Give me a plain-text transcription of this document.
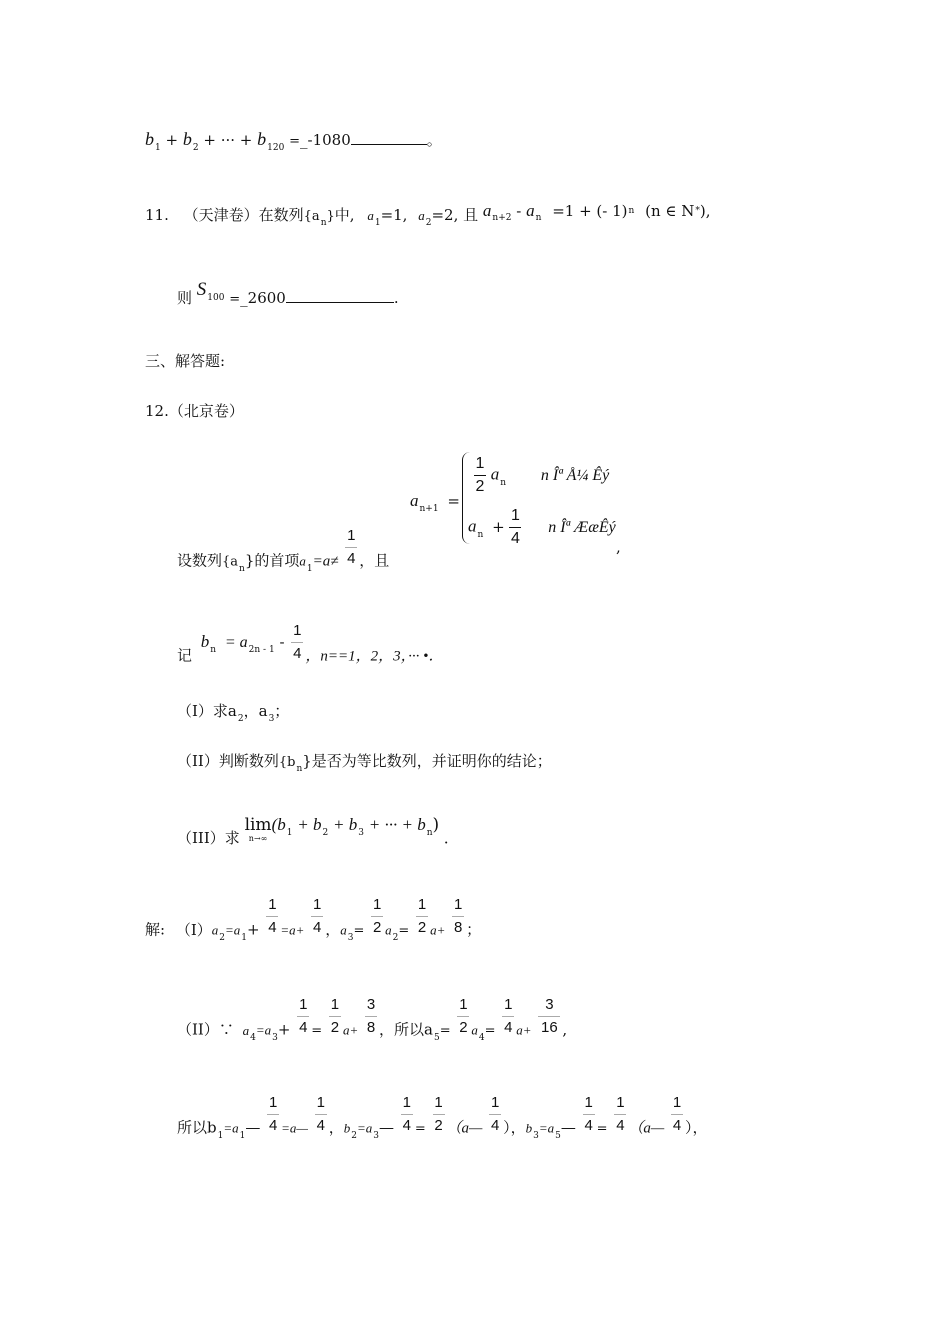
$b_1 + b_2$ + ··· + $b_{120}$ =_-1080	。
11. （天津卷）在数列$\{a_n\}$中, $a_1=1$, $a_2=2$, 且 an+2 - an =1 + (- 1)$^n$ (n ∈ N*),
则 $S^{100}$ =_2600	.
三、解答题:
12.（北京卷）
$a_{n+1}$ =
$\frac{1}{2} a_n$ n Îª Å¼ Êý
$a_n + \frac{1}{4}$ n Îª ÆæÊý
,
设数列$\{a_n\}$的首项$a_1=a\ne \frac{1}{4}$ ，且
记 $b^n = a^{2n - 1} - \frac{1}{4}$ ，n==1，2，3，··· •．
（I）求$a_2$，$a_3$；
（II）判断数列$\{b_n\}$是否为等比数列，并证明你的结论；
（III）求
lim
n→∞
($b^1 + b^2 + b^3$ + ··· + $b^n$) ．
解: $(I)a_2=a_1+ \frac{1}{4} =a+ \frac{1}{4}$ ，$a_3= \frac{1}{2} a_2= \frac{1}{2} a+ \frac{1}{8}$ ；
（II）∵ $a_4=a_3+ \frac{1}{4} = \frac{1}{2} a+ \frac{3}{8}$ ，所以$a_5= \frac{1}{2} a_4= \frac{1}{4} a+ \frac{3}{16}$ ,
所以$b_1=a_1— \frac{1}{4}$ =a— $\frac{1}{4}$ ，$b_2=a_3— \frac{1}{4} = \frac{1}{2}$ （a— $\frac{1}{4}$ ），$b_3=a_5— \frac{1}{4} = \frac{1}{4}$ （a— $\frac{1}{4}$ ），
